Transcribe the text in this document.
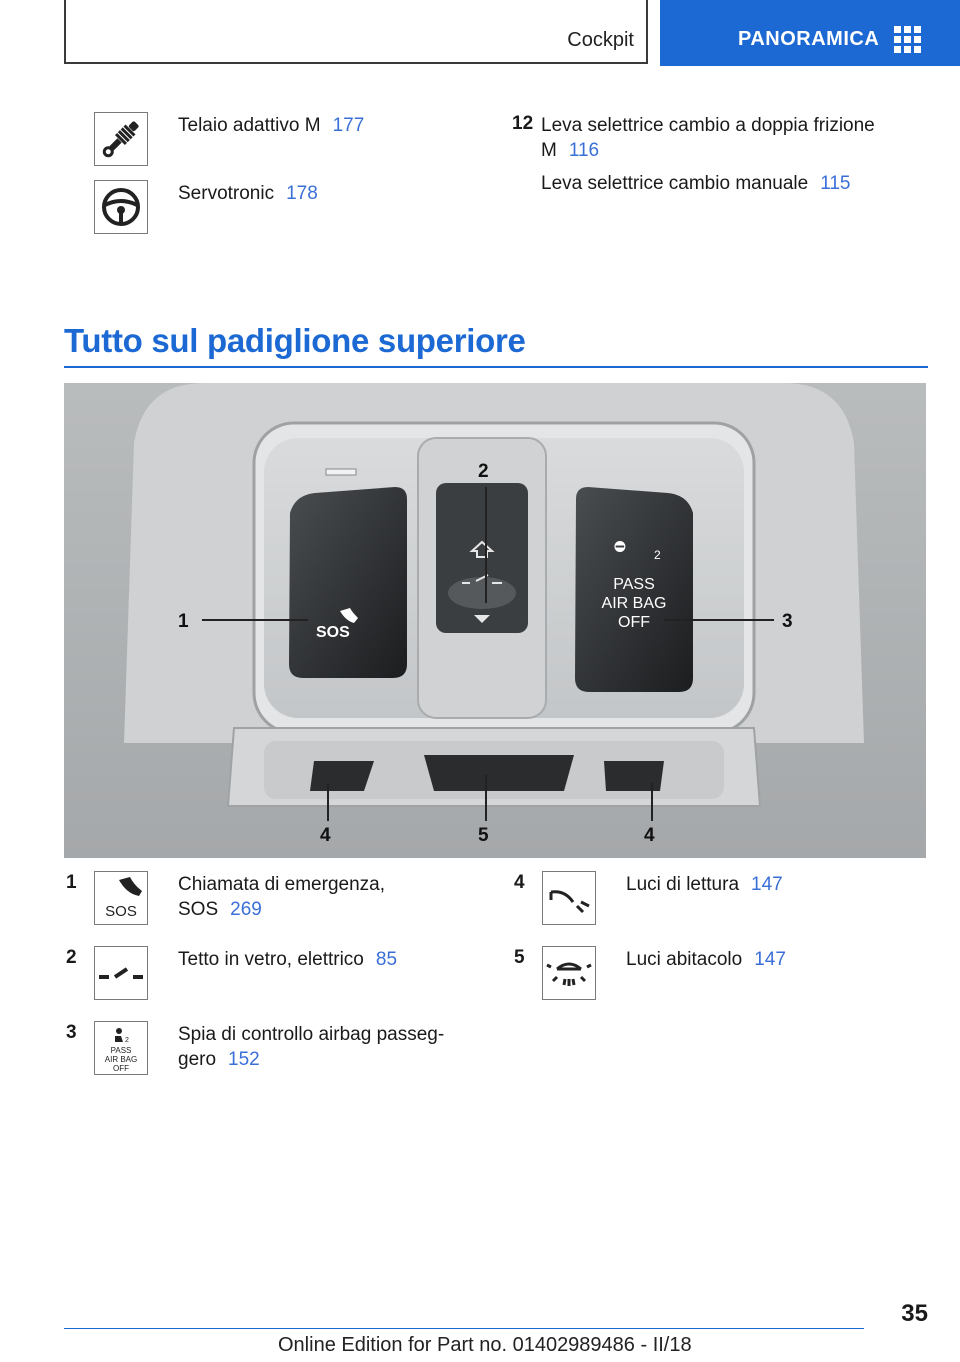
Cockpit	PANORAMICA
Telaio adattivo M 177
Servotronic 178
12 Leva selettrice cambio a doppia frizione
M 116
Leva selettrice cambio manuale 115
Tutto sul padiglione superiore
SOS
⛔︎
2
PASS
AIR BAG
OFF
1
2
3
4	5	4
1
SOS
Chiamata di emergenza,
SOS 269
2	Tetto in vetro, elettrico 85
3	2
PASS
AIR BAG
OFF
Spia di controllo airbag passeg-
gero 152
4	Luci di lettura 147
5	Luci abitacolo 147
35
Online Edition for Part no. 01402989486 - II/18
